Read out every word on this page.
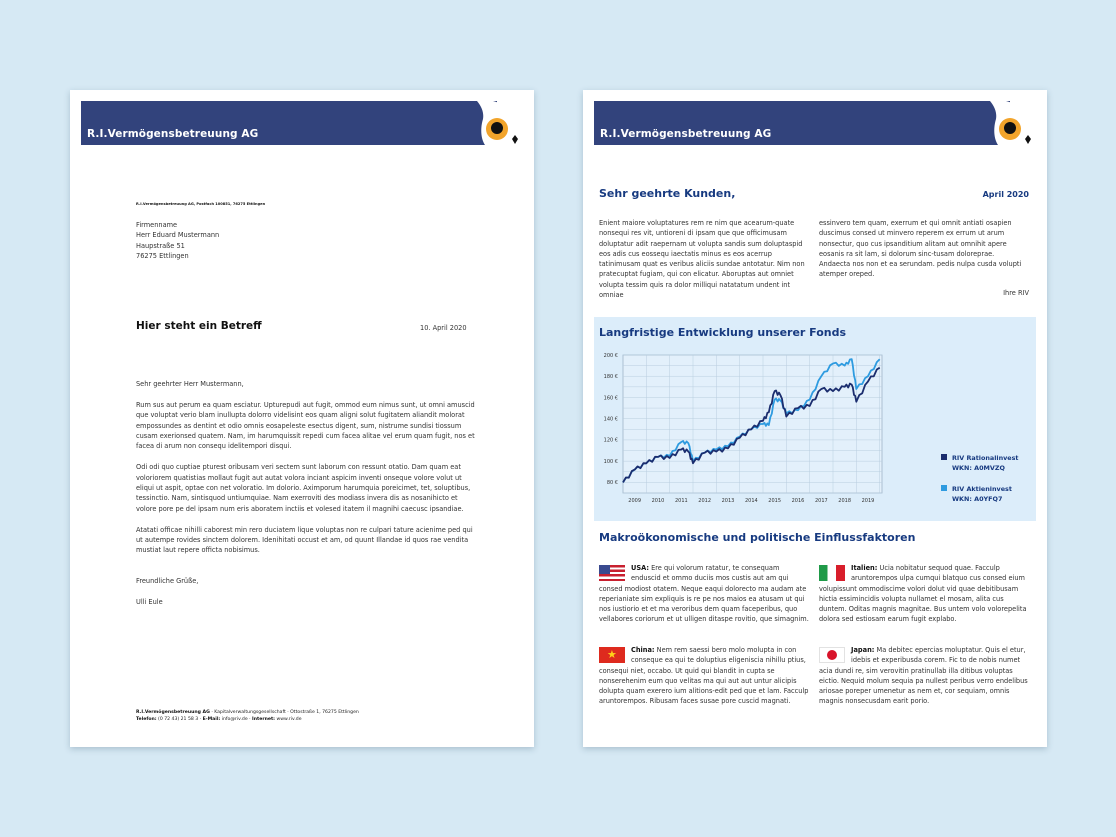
R.I.Vermögensbetreuung AG
R.I.Vermögensbetreuung AG, Postfach 100851, 76275 Ettlingen
Firmenname
Herr Eduard Mustermann
Haupstraße 51
76275 Ettlingen
Hier steht ein Betreff	10. April 2020

Sehr geehrter Herr Mustermann,

Rum sus aut perum ea quam esciatur. Upturepudi aut fugit, ommod eum nimus sunt, ut omni amuscid que voluptat verio blam inullupta dolorro videlisint eos quam aligni solut fugitatem aliandit molorat empossundes as dentint et odio omnis eosapeleste esectus digent, sum, nistrume sundisi tiossum cusam exerionsed quatem. Nam, im harumquissit repedi cum facea alitae vel erum quam fugit, nos et facea di arum non consequ idelitempori disqui.

Odi odi quo cuptiae pturest oribusam veri sectem sunt laborum con ressunt otatio. Dam quam eat voloriorem quatistias mollaut fugit aut autat volora inciant aspicim inventi onseque volore volut ut eliqui ut aspit, optae con net voloratio. Im dolorio. Aximporum harumquia poreicimet, tet, soluptibus, tessinctio. Nam, sintisquod untiumquiae. Nam exerroviti des modiass invera dis as nosanihicto et volore pore pe del ipsam num eris aboratem inctiis et volesed itatem il magnihi caecusc ipsandiae.

Atatati officae nihilli caborest min rero duciatem lique voluptas non re culpari tature acienime ped qui ut autempe rovides sinctem dolorem. Idenihitati occust et am, od quunt Illandae id quos rae vendita mustiat laut repere officta nobisimus.

Freundliche Grüße,

Ulli Eule

R.I.Vermögensbetreuung AG · Kapitalverwaltungsgesellschaft · Ottostraße 1, 76275 Ettlingen
Telefon: (0 72 43) 21 58 3 · E-Mail: info@riv.de · Internet: www.riv.de
R.I.Vermögensbetreuung AG
Sehr geehrte Kunden,	April 2020
Enient maiore voluptatures rem re nim que acearum-quate nonsequi res vit, untioreni di ipsam que que officimusam doluptatur adit raepernam ut volupta sandis sum doluptaspid eos adis cus eossequ iaectatis minus es eos acerrup tatinimusam quat es veribus aliciis sundae antotatur. Nim non pratecuptat fugiam, qui con elicatur. Aboruptas aut omniet volupta tessim quis ra dolor milliqui natatatum undent int omniae
essinvero tem quam, exerrum et qui omnit antiati osapien duscimus consed ut minvero reperem ex errum ut arum nonsectur, quo cus ipsanditium alitam aut omnihit apere eosanis ra sit lam, si dolorum sinc-tusam doloreprae. Andaecta nos non et ea serundam. pedis nulpa cusda volupti atemper oreped.
Ihre RIV
Langfristige Entwicklung unserer Fonds
80 €
100 €
120 €
140 €
160 €
180 €
200 €
2009 2010 2011 2012 2013 2014 2015 2016 2017 2018 2019
RIV Rationalinvest
WKN: A0MVZQ
RIV Aktieninvest
WKN: A0YFQ7
Makroökonomische und politische Einflussfaktoren
USA: Ere qui volorum ratatur, te consequam enduscid et ommo duciis mos custis aut am qui consed modiost otatem. Neque eaqui dolorecto ma audam ate reperianiate sim expliquis is re pe nos maios ea atusam ut qui nos iustiorio et et ma veroribus dem quam faceperibus, quo vellabores coriorum et ut ulligen ditaspe rovitio, que simagnim.
Italien: Ucia nobitatur sequod quae. Facculp aruntorempos ulpa cumqui blatquo cus consed eium volupissunt ommodiscime volori dolut vid quae debitibusam hictia essimincidis volupta nullamet el mosam, alita cus duntem. Oditas magnis magnitae. Bus untem volo volorepelita dolora sed estiosam earum fugit explabo.
★ China: Nem rem saessi bero molo molupta in con conseque ea qui te doluptius eligeniscia nihillu ptius, consequi niet, occabo. Ut quid qui blandit in cupta se nonserehenim eum quo velitas ma qui aut aut untur alicipis dolupta quam exerero ium alitions-edit ped que et lam. Facculp aruntorempos. Ribusam faces susae pore cuscid magnati.
Japan: Ma debitec epercias moluptatur. Quis el etur, idebis et experibusda corem. Fic to de nobis numet acia dundi re, sim verovitin pratinullab illa ditibus voluptas eictio. Nequid molum sequia pa nullest peribus verro endelibus ariosae poreper umenetur as nem et, cor sequiam, omnis magnis nonsecusdam earit porio.
